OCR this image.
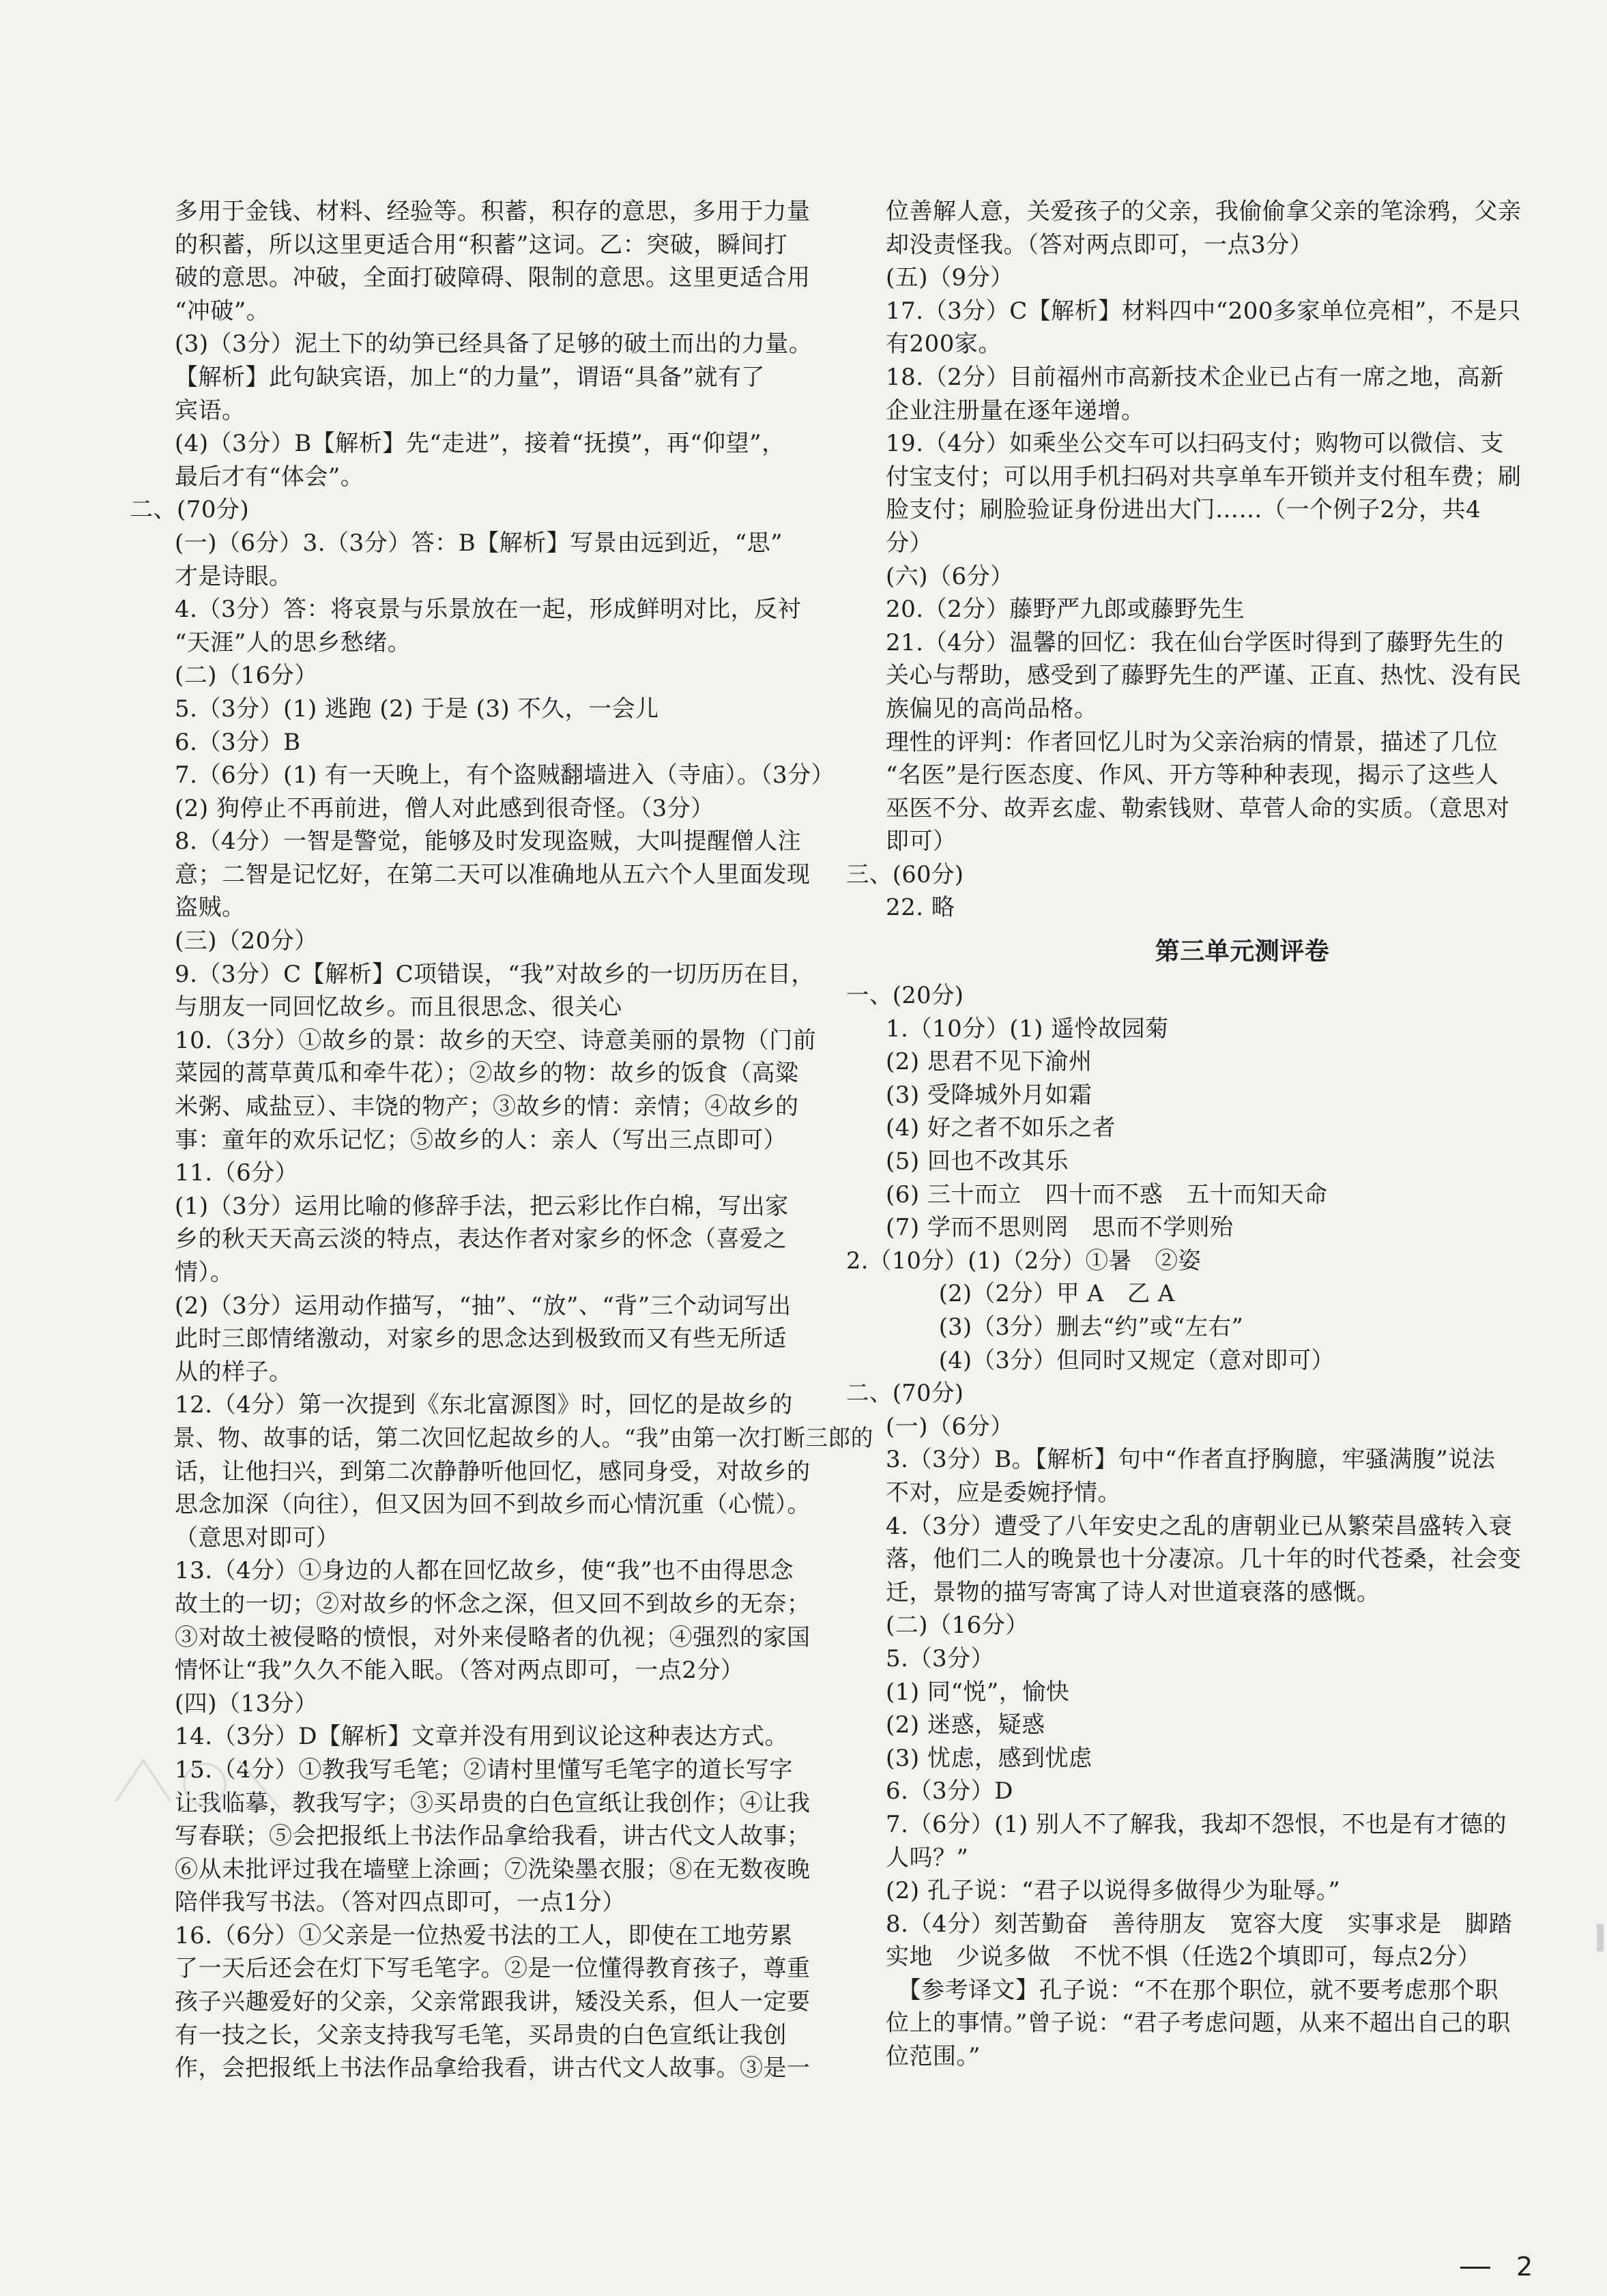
多用于金钱、材料、经验等。积蓄，积存的意思，多用于力量
的积蓄，所以这里更适合用“积蓄”这词。乙：突破，瞬间打
破的意思。冲破，全面打破障碍、限制的意思。这里更适合用
“冲破”。
(3)（3分）泥土下的幼笋已经具备了足够的破土而出的力量。
【解析】此句缺宾语，加上“的力量”，谓语“具备”就有了
宾语。
(4)（3分）B【解析】先“走进”，接着“抚摸”，再“仰望”，
最后才有“体会”。
二、(70分)
(一)（6分）3.（3分）答：B【解析】写景由远到近，“思”
才是诗眼。
4.（3分）答：将哀景与乐景放在一起，形成鲜明对比，反衬
“天涯”人的思乡愁绪。
(二)（16分）
5.（3分）(1) 逃跑 (2) 于是 (3) 不久，一会儿
6.（3分）B
7.（6分）(1) 有一天晚上，有个盗贼翻墙进入（寺庙）。（3分）
(2) 狗停止不再前进，僧人对此感到很奇怪。（3分）
8.（4分）一智是警觉，能够及时发现盗贼，大叫提醒僧人注
意；二智是记忆好，在第二天可以准确地从五六个人里面发现
盗贼。
(三)（20分）
9.（3分）C【解析】C项错误，“我”对故乡的一切历历在目，
与朋友一同回忆故乡。而且很思念、很关心
10.（3分）①故乡的景：故乡的天空、诗意美丽的景物（门前
菜园的蒿草黄瓜和牵牛花）；②故乡的物：故乡的饭食（高粱
米粥、咸盐豆）、丰饶的物产；③故乡的情：亲情；④故乡的
事：童年的欢乐记忆；⑤故乡的人：亲人（写出三点即可）
11.（6分）
(1)（3分）运用比喻的修辞手法，把云彩比作白棉，写出家
乡的秋天天高云淡的特点，表达作者对家乡的怀念（喜爱之
情）。
(2)（3分）运用动作描写，“抽”、“放”、“背”三个动词写出
此时三郎情绪激动，对家乡的思念达到极致而又有些无所适
从的样子。
12.（4分）第一次提到《东北富源图》时，回忆的是故乡的
景、物、故事的话，第二次回忆起故乡的人。“我”由第一次打断三郎的
话，让他扫兴，到第二次静静听他回忆，感同身受，对故乡的
思念加深（向往），但又因为回不到故乡而心情沉重（心慌）。
（意思对即可）
13.（4分）①身边的人都在回忆故乡，使“我”也不由得思念
故土的一切；②对故乡的怀念之深，但又回不到故乡的无奈；
③对故土被侵略的愤恨，对外来侵略者的仇视；④强烈的家国
情怀让“我”久久不能入眠。（答对两点即可，一点2分）
(四)（13分）
14.（3分）D【解析】文章并没有用到议论这种表达方式。
15.（4分）①教我写毛笔；②请村里懂写毛笔字的道长写字
让我临摹，教我写字；③买昂贵的白色宣纸让我创作；④让我
写春联；⑤会把报纸上书法作品拿给我看，讲古代文人故事；
⑥从未批评过我在墙壁上涂画；⑦洗染墨衣服；⑧在无数夜晚
陪伴我写书法。（答对四点即可，一点1分）
16.（6分）①父亲是一位热爱书法的工人，即使在工地劳累
了一天后还会在灯下写毛笔字。②是一位懂得教育孩子，尊重
孩子兴趣爱好的父亲，父亲常跟我讲，矮没关系，但人一定要
有一技之长，父亲支持我写毛笔，买昂贵的白色宣纸让我创
作，会把报纸上书法作品拿给我看，讲古代文人故事。③是一
位善解人意，关爱孩子的父亲，我偷偷拿父亲的笔涂鸦，父亲
却没责怪我。（答对两点即可，一点3分）
(五)（9分）
17.（3分）C【解析】材料四中“200多家单位亮相”，不是只
有200家。
18.（2分）目前福州市高新技术企业已占有一席之地，高新
企业注册量在逐年递增。
19.（4分）如乘坐公交车可以扫码支付；购物可以微信、支
付宝支付；可以用手机扫码对共享单车开锁并支付租车费；刷
脸支付；刷脸验证身份进出大门……（一个例子2分，共4
分）
(六)（6分）
20.（2分）藤野严九郎或藤野先生
21.（4分）温馨的回忆：我在仙台学医时得到了藤野先生的
关心与帮助，感受到了藤野先生的严谨、正直、热忱、没有民
族偏见的高尚品格。
理性的评判：作者回忆儿时为父亲治病的情景，描述了几位
“名医”是行医态度、作风、开方等种种表现，揭示了这些人
巫医不分、故弄玄虚、勒索钱财、草菅人命的实质。（意思对
即可）
三、(60分)
22. 略
第三单元测评卷
一、(20分)
1.（10分）(1) 遥怜故园菊
(2) 思君不见下渝州
(3) 受降城外月如霜
(4) 好之者不如乐之者
(5) 回也不改其乐
(6) 三十而立　四十而不惑　五十而知天命
(7) 学而不思则罔　思而不学则殆
2.（10分）(1)（2分）①暑　②姿
　　　　(2)（2分）甲 A　乙 A
　　　　(3)（3分）删去“约”或“左右”
　　　　(4)（3分）但同时又规定（意对即可）
二、(70分)
(一)（6分）
3.（3分）B。【解析】句中“作者直抒胸臆，牢骚满腹”说法
不对，应是委婉抒情。
4.（3分）遭受了八年安史之乱的唐朝业已从繁荣昌盛转入衰
落，他们二人的晚景也十分凄凉。几十年的时代苍桑，社会变
迁，景物的描写寄寓了诗人对世道衰落的感慨。
(二)（16分）
5.（3分）
(1) 同“悦”，愉快
(2) 迷惑，疑惑
(3) 忧虑，感到忧虑
6.（3分）D
7.（6分）(1) 别人不了解我，我却不怨恨，不也是有才德的
人吗？”
(2) 孔子说：“君子以说得多做得少为耻辱。”
8.（4分）刻苦勤奋　善待朋友　宽容大度　实事求是　脚踏
实地　少说多做　不忧不惧（任选2个填即可，每点2分）
　【参考译文】孔子说：“不在那个职位，就不要考虑那个职
位上的事情。”曾子说：“君子考虑问题，从来不超出自己的职
位范围。”
2
